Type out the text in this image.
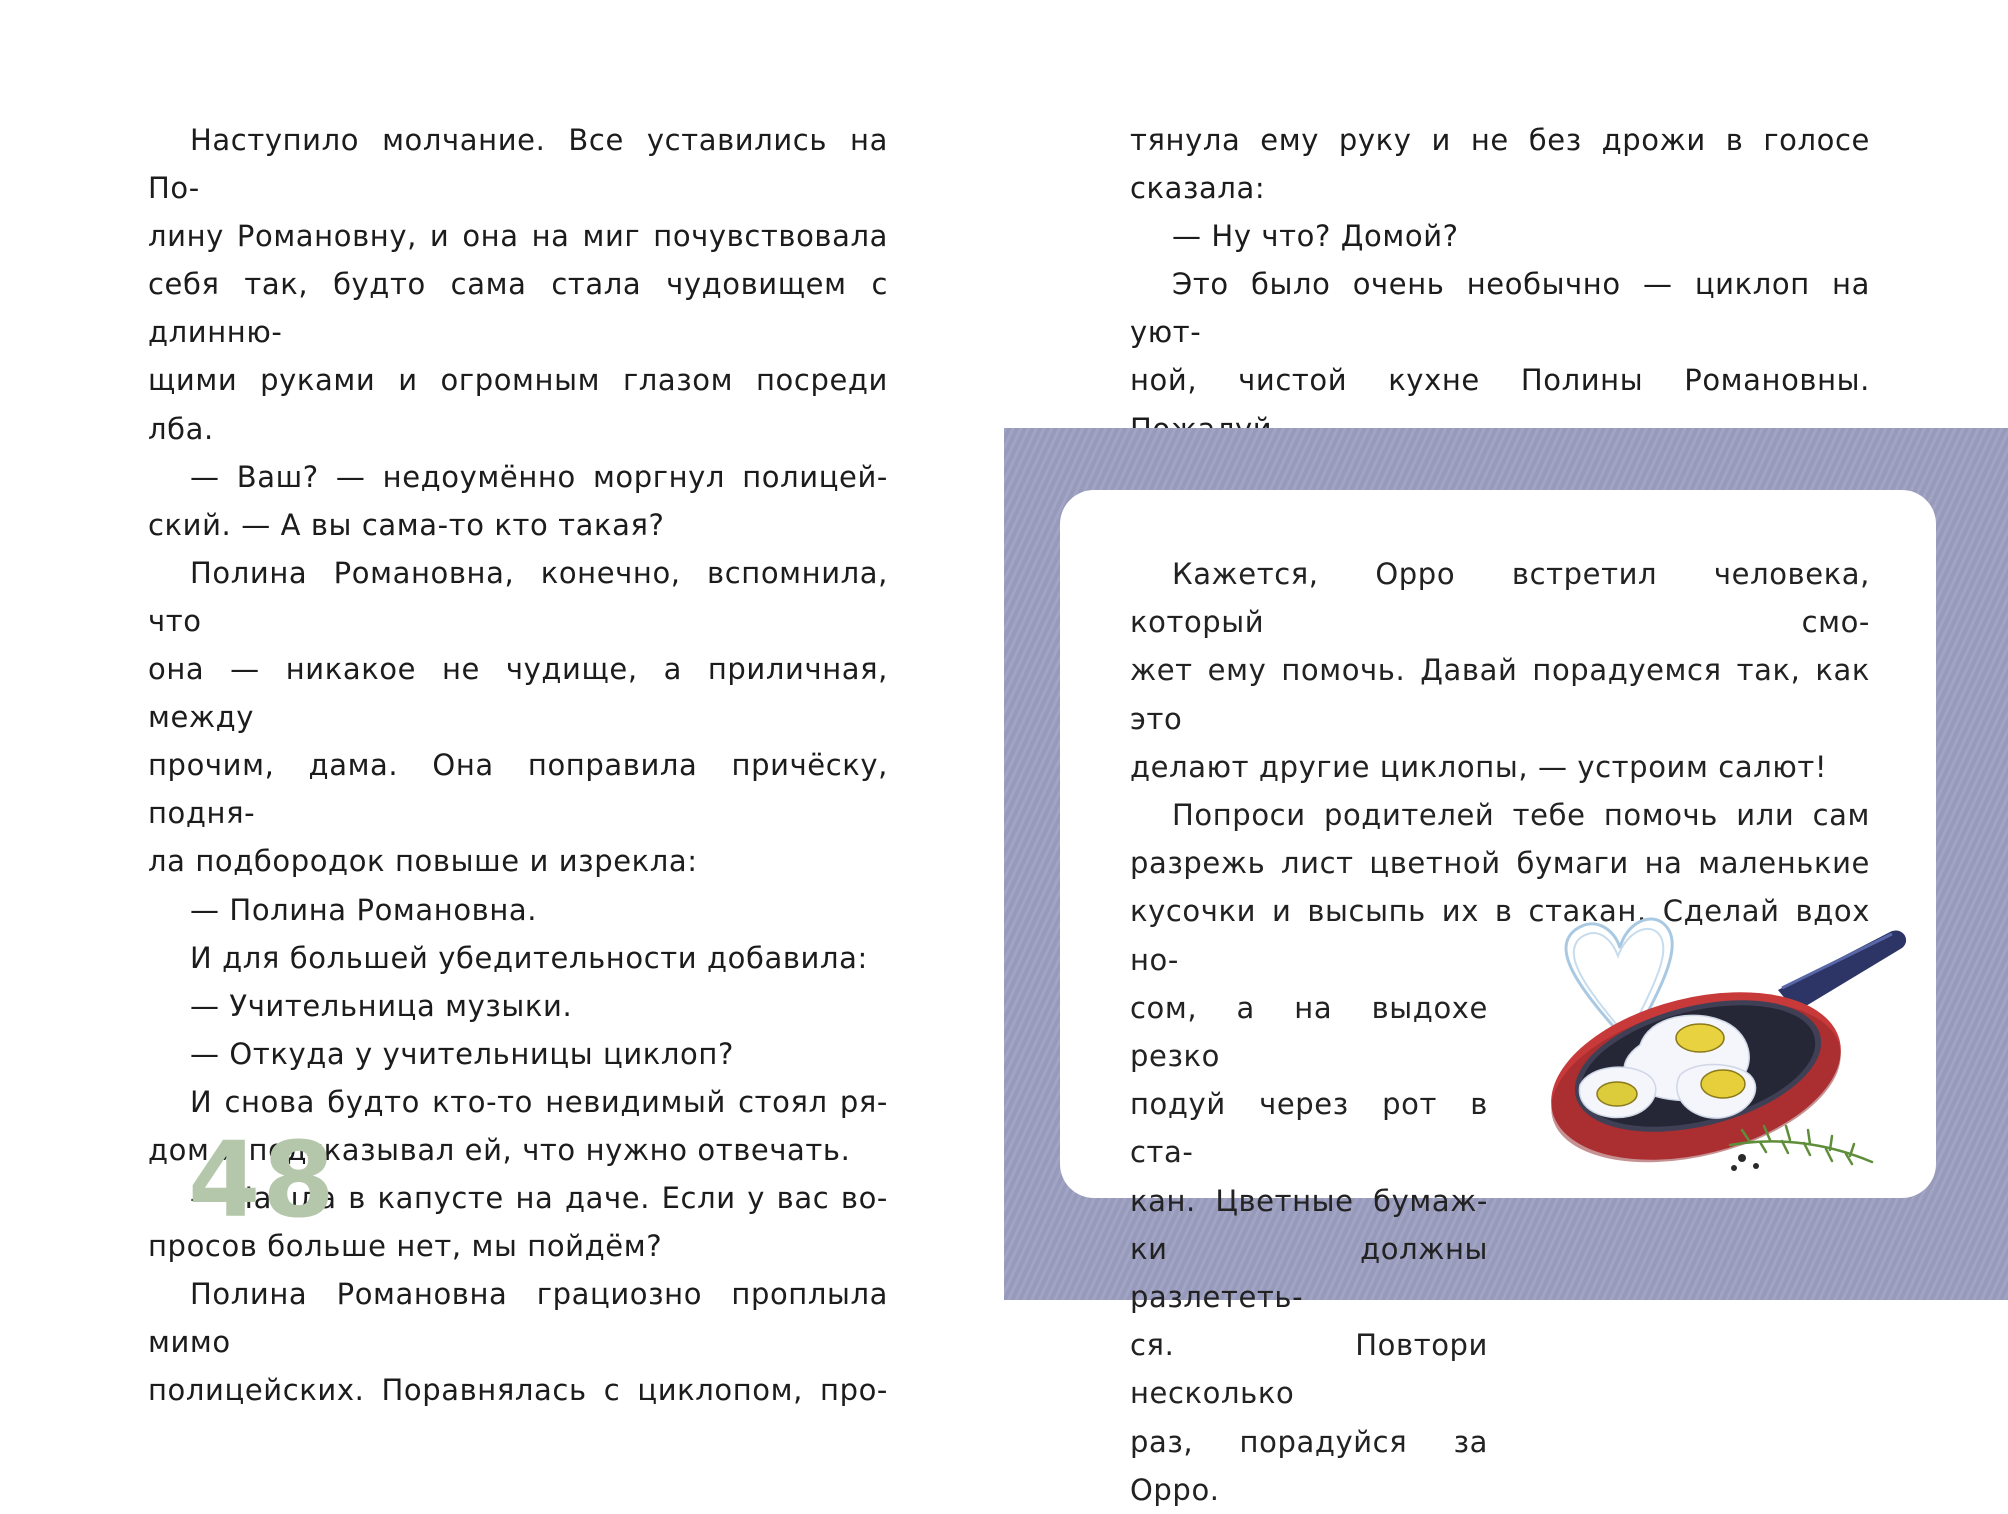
Наступило молчание. Все уставились на По-

лину Романовну, и она на миг почувствовала

себя так, будто сама стала чудовищем с длинню-

щими руками и огромным глазом посреди лба.

— Ваш? — недоумённо моргнул полицей-

ский. — А вы сама-то кто такая?

Полина Романовна, конечно, вспомнила, что

она — никакое не чудище, а приличная, между

прочим, дама. Она поправила причёску, подня-

ла подбородок повыше и изрекла:

— Полина Романовна.

И для большей убедительности добавила:

— Учительница музыки.

— Откуда у учительницы циклоп?

И снова будто кто-то невидимый стоял ря-

дом и подсказывал ей, что нужно отвечать.

— Нашла в капусте на даче. Если у вас во-

просов больше нет, мы пойдём?

Полина Романовна грациозно проплыла мимо

полицейских. Поравнялась с циклопом, про-

48

тянула ему руку и не без дрожи в голосе

сказала:

— Ну что? Домой?

Это было очень необычно — циклоп на уют-

ной, чистой кухне Полины Романовны.

Кажется, Орро встретил человека, который смо-

жет ему помочь. Давай порадуемся так, как это

делают другие циклопы, — устроим салют!

Попроси родителей тебе помочь или сам

разрежь лист цветной бумаги на маленькие

кусочки и высыпь их в стакан. Сделай вдох но-

сом, а на выдохе резко

подуй через рот в ста-

кан. Цветные бумаж-

ки должны разлететь-

ся. Повтори несколько

раз, порадуйся за Орро.
